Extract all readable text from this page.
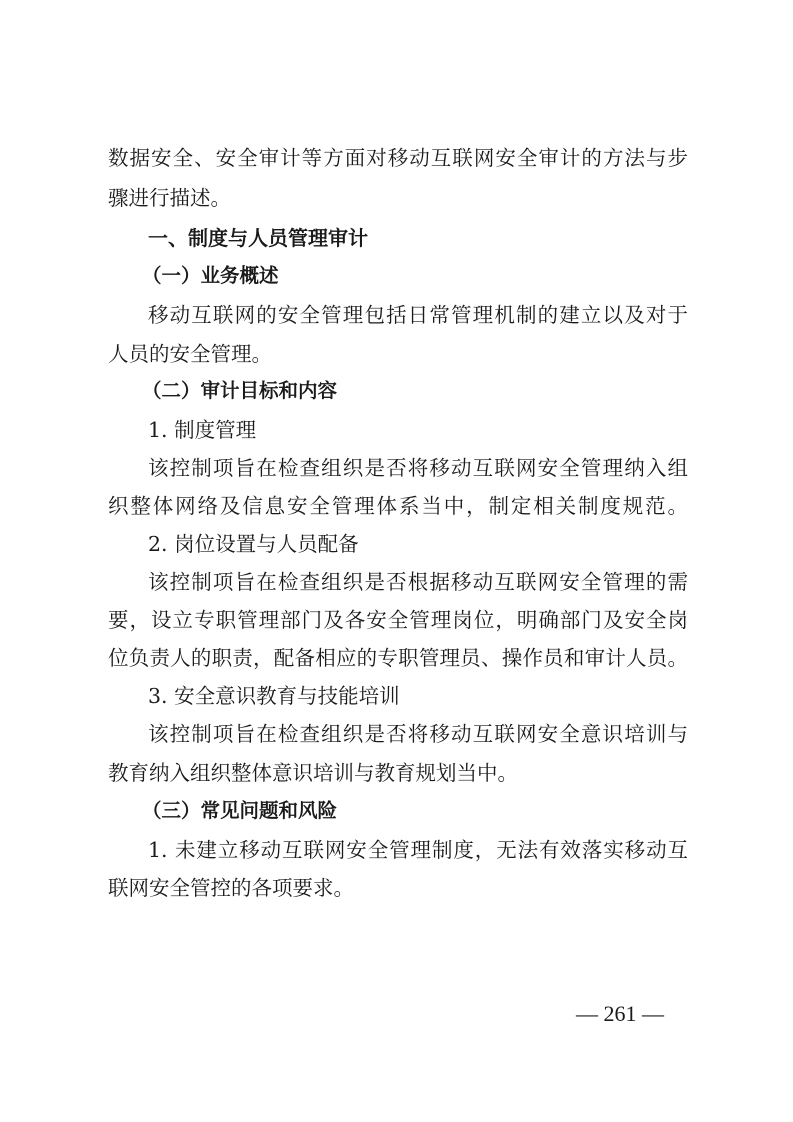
数据安全、安全审计等方面对移动互联网安全审计的方法与步
骤进行描述。
一、制度与人员管理审计
（一）业务概述
移动互联网的安全管理包括日常管理机制的建立以及对于
人员的安全管理。
（二）审计目标和内容
1. 制度管理
该控制项旨在检查组织是否将移动互联网安全管理纳入组
织整体网络及信息安全管理体系当中，制定相关制度规范。
2. 岗位设置与人员配备
该控制项旨在检查组织是否根据移动互联网安全管理的需
要，设立专职管理部门及各安全管理岗位，明确部门及安全岗
位负责人的职责，配备相应的专职管理员、操作员和审计人员。
3. 安全意识教育与技能培训
该控制项旨在检查组织是否将移动互联网安全意识培训与
教育纳入组织整体意识培训与教育规划当中。
（三）常见问题和风险
1. 未建立移动互联网安全管理制度，无法有效落实移动互
联网安全管控的各项要求。
— 261 —
